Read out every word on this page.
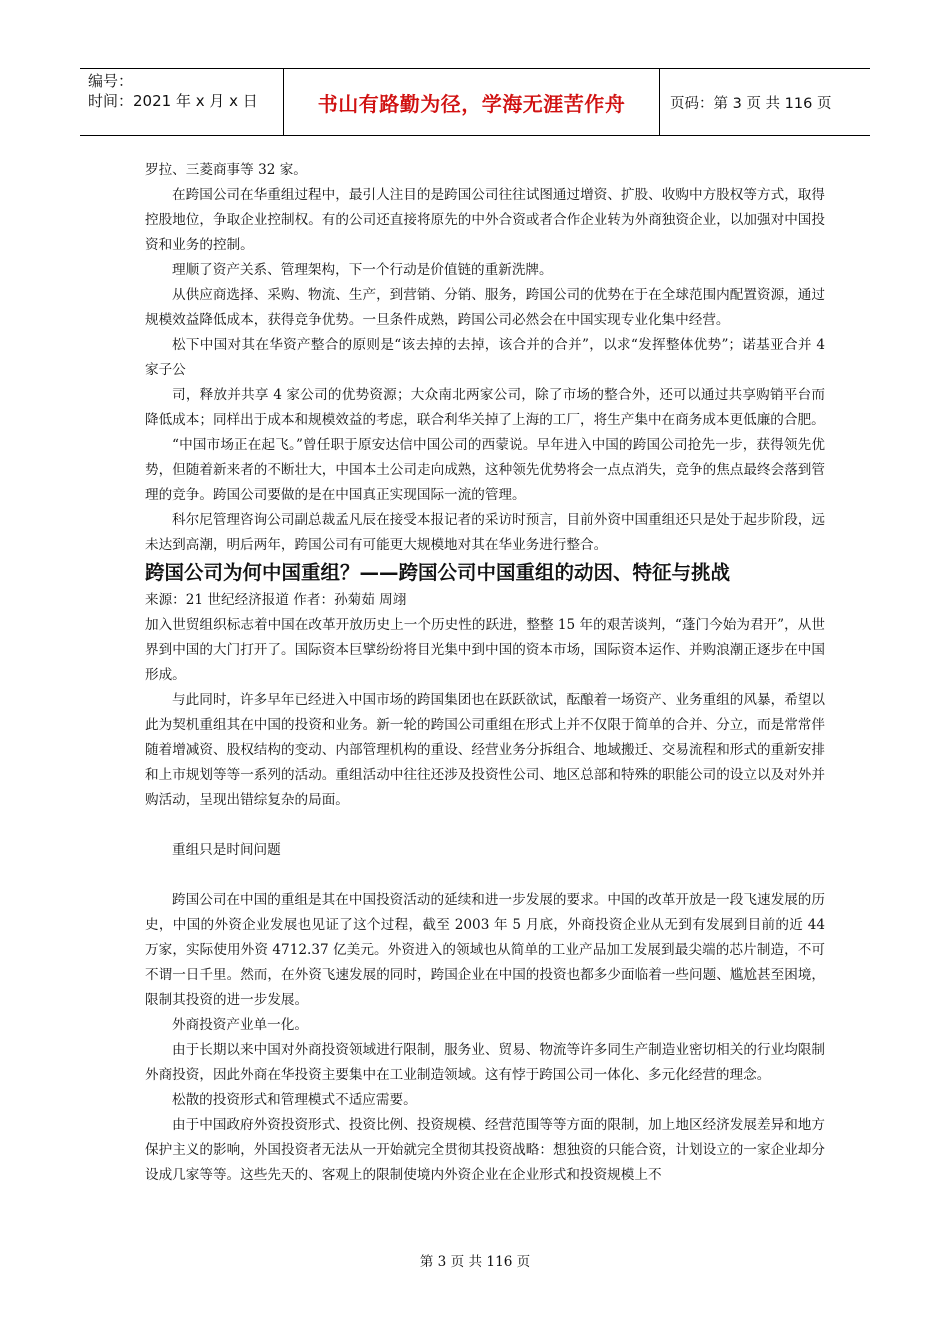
编号：
时间：2021 年 x 月 x 日	书山有路勤为径，学海无涯苦作舟	页码：第 3 页 共 116 页

罗拉、三菱商事等 32 家。

在跨国公司在华重组过程中，最引人注目的是跨国公司往往试图通过增资、扩股、收购中方股权等方式，取得控股地位，争取企业控制权。有的公司还直接将原先的中外合资或者合作企业转为外商独资企业，以加强对中国投资和业务的控制。

理顺了资产关系、管理架构，下一个行动是价值链的重新洗牌。

从供应商选择、采购、物流、生产，到营销、分销、服务，跨国公司的优势在于在全球范围内配置资源，通过规模效益降低成本，获得竞争优势。一旦条件成熟，跨国公司必然会在中国实现专业化集中经营。

松下中国对其在华资产整合的原则是“该去掉的去掉，该合并的合并”，以求“发挥整体优势”；诺基亚合并 4 家子公

司，释放并共享 4 家公司的优势资源；大众南北两家公司，除了市场的整合外，还可以通过共享购销平台而降低成本；同样出于成本和规模效益的考虑，联合利华关掉了上海的工厂，将生产集中在商务成本更低廉的合肥。

“中国市场正在起飞。”曾任职于原安达信中国公司的西蒙说。早年进入中国的跨国公司抢先一步，获得领先优势，但随着新来者的不断壮大，中国本土公司走向成熟，这种领先优势将会一点点消失，竞争的焦点最终会落到管理的竞争。跨国公司要做的是在中国真正实现国际一流的管理。

科尔尼管理咨询公司副总裁孟凡辰在接受本报记者的采访时预言，目前外资中国重组还只是处于起步阶段，远未达到高潮，明后两年，跨国公司有可能更大规模地对其在华业务进行整合。

跨国公司为何中国重组？——跨国公司中国重组的动因、特征与挑战

来源：21 世纪经济报道 作者：孙菊茹 周翊

加入世贸组织标志着中国在改革开放历史上一个历史性的跃进，整整 15 年的艰苦谈判，“蓬门今始为君开”，从世界到中国的大门打开了。国际资本巨擘纷纷将目光集中到中国的资本市场，国际资本运作、并购浪潮正逐步在中国形成。

与此同时，许多早年已经进入中国市场的跨国集团也在跃跃欲试，酝酿着一场资产、业务重组的风暴，希望以此为契机重组其在中国的投资和业务。新一轮的跨国公司重组在形式上并不仅限于简单的合并、分立，而是常常伴随着增减资、股权结构的变动、内部管理机构的重设、经营业务分拆组合、地域搬迁、交易流程和形式的重新安排和上市规划等等一系列的活动。重组活动中往往还涉及投资性公司、地区总部和特殊的职能公司的设立以及对外并购活动，呈现出错综复杂的局面。

重组只是时间问题

跨国公司在中国的重组是其在中国投资活动的延续和进一步发展的要求。中国的改革开放是一段飞速发展的历史，中国的外资企业发展也见证了这个过程，截至 2003 年 5 月底，外商投资企业从无到有发展到目前的近 44 万家，实际使用外资 4712.37 亿美元。外资进入的领域也从简单的工业产品加工发展到最尖端的芯片制造，不可不谓一日千里。然而，在外资飞速发展的同时，跨国企业在中国的投资也都多少面临着一些问题、尴尬甚至困境，限制其投资的进一步发展。

外商投资产业单一化。

由于长期以来中国对外商投资领域进行限制，服务业、贸易、物流等许多同生产制造业密切相关的行业均限制外商投资，因此外商在华投资主要集中在工业制造领域。这有悖于跨国公司一体化、多元化经营的理念。

松散的投资形式和管理模式不适应需要。

由于中国政府外资投资形式、投资比例、投资规模、经营范围等等方面的限制，加上地区经济发展差异和地方保护主义的影响，外国投资者无法从一开始就完全贯彻其投资战略：想独资的只能合资，计划设立的一家企业却分设成几家等等。这些先天的、客观上的限制使境内外资企业在企业形式和投资规模上不

第 3 页 共 116 页
